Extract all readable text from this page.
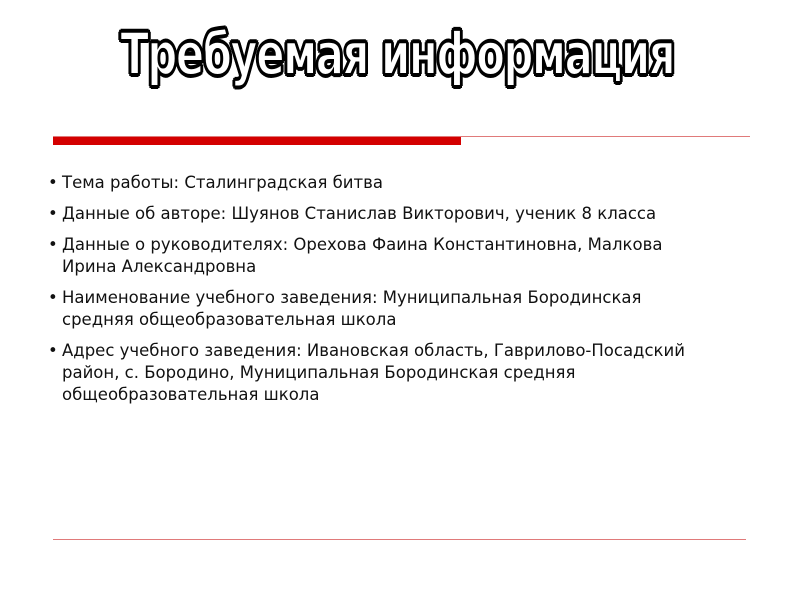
Требуемая информация
• Тема работы: Сталинградская битва
• Данные об авторе: Шуянов Станислав Викторович, ученик 8 класса
• Данные о руководителях: Орехова Фаина Константиновна, Малкова Ирина Александровна
• Наименование учебного заведения: Муниципальная Бородинская средняя общеобразовательная школа
• Адрес учебного заведения: Ивановская область, Гаврилово-Посадский район, с. Бородино, Муниципальная Бородинская средняя общеобразовательная школа
